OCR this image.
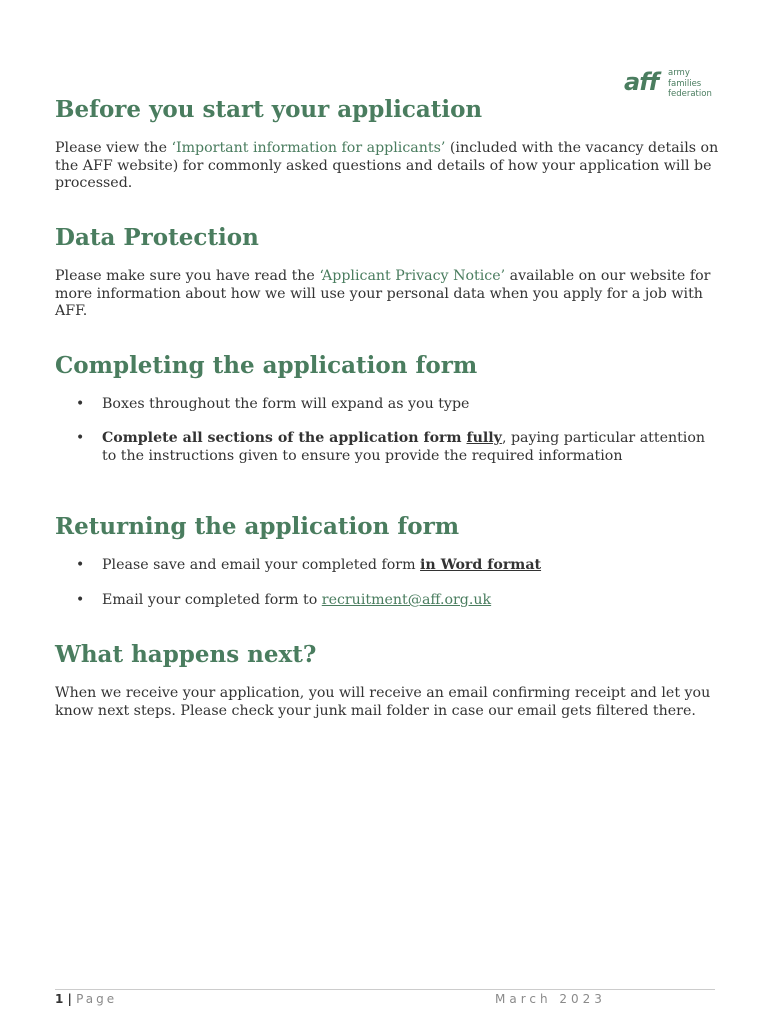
aff army
families
federation
Before you start your application

Please view the ‘Important information for applicants’ (included with the vacancy details on the AFF website) for commonly asked questions and details of how your application will be processed.

Data Protection

Please make sure you have read the ‘Applicant Privacy Notice’ available on our website for more information about how we will use your personal data when you apply for a job with AFF.

Completing the application form
• Boxes throughout the form will expand as you type

• Complete all sections of the application form fully, paying particular attention to the instructions given to ensure you provide the required information

Returning the application form
• Please save and email your completed form in Word format

• Email your completed form to recruitment@aff.org.uk

What happens next?

When we receive your application, you will receive an email confirming receipt and let you know next steps. Please check your junk mail folder in case our email gets filtered there.

1 | Page	March 2023
